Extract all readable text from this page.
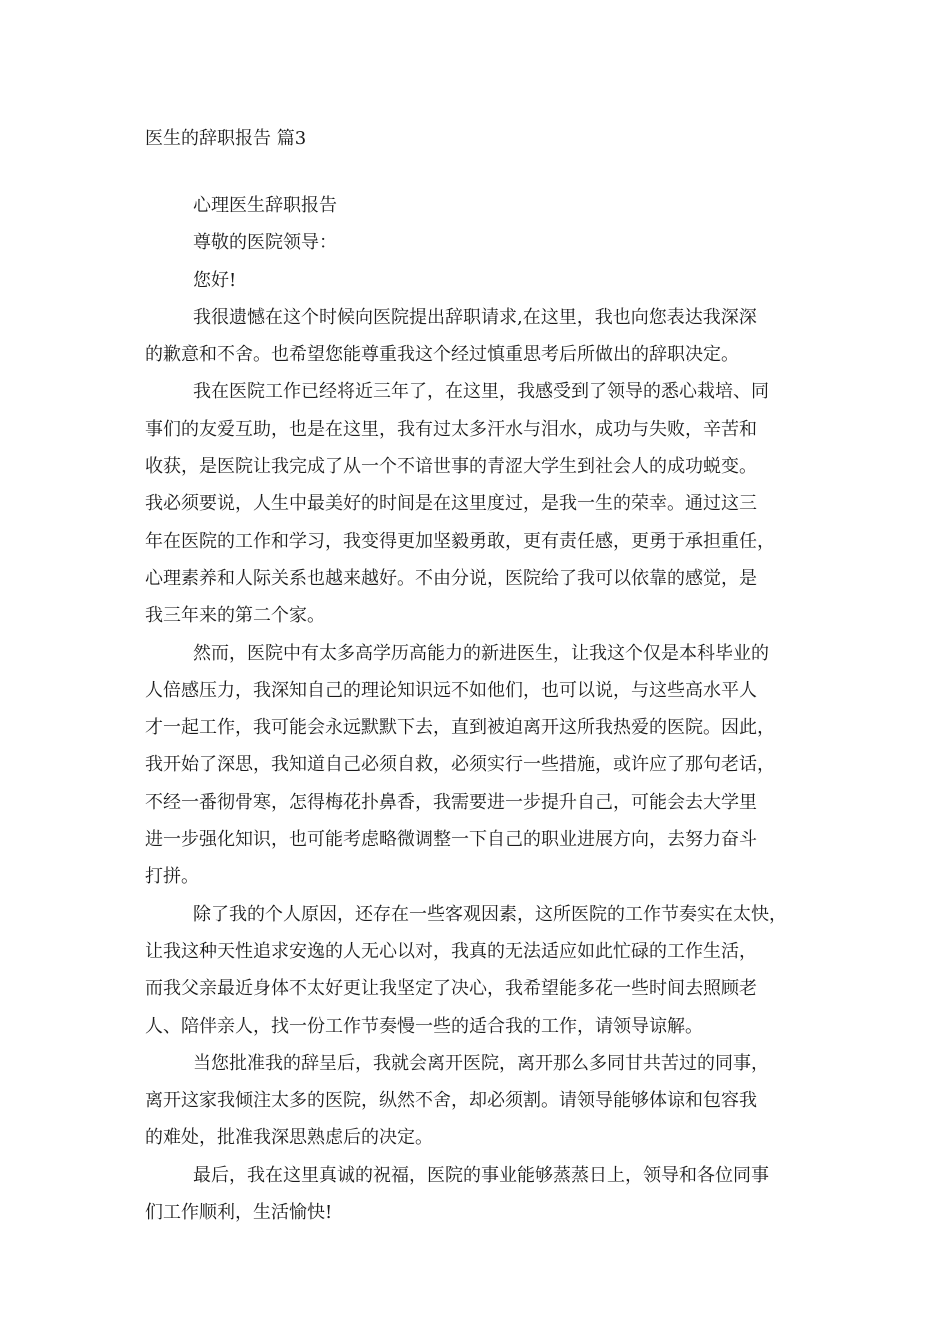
医生的辞职报告 篇3
心理医生辞职报告
尊敬的医院领导：
您好!
我很遗憾在这个时候向医院提出辞职请求,在这里，我也向您表达我深深
的歉意和不舍。也希望您能尊重我这个经过慎重思考后所做出的辞职决定。
我在医院工作已经将近三年了，在这里，我感受到了领导的悉心栽培、同
事们的友爱互助，也是在这里，我有过太多汗水与泪水，成功与失败，辛苦和
收获，是医院让我完成了从一个不谙世事的青涩大学生到社会人的成功蜕变。
我必须要说，人生中最美好的时间是在这里度过，是我一生的荣幸。通过这三
年在医院的工作和学习，我变得更加坚毅勇敢，更有责任感，更勇于承担重任，
心理素养和人际关系也越来越好。不由分说，医院给了我可以依靠的感觉，是
我三年来的第二个家。
然而，医院中有太多高学历高能力的新进医生，让我这个仅是本科毕业的
人倍感压力，我深知自己的理论知识远不如他们，也可以说，与这些高水平人
才一起工作，我可能会永远默默下去，直到被迫离开这所我热爱的医院。因此，
我开始了深思，我知道自己必须自救，必须实行一些措施，或许应了那句老话，
不经一番彻骨寒，怎得梅花扑鼻香，我需要进一步提升自己，可能会去大学里
进一步强化知识，也可能考虑略微调整一下自己的职业进展方向，去努力奋斗
打拼。
除了我的个人原因，还存在一些客观因素，这所医院的工作节奏实在太快，
让我这种天性追求安逸的人无心以对，我真的无法适应如此忙碌的工作生活，
而我父亲最近身体不太好更让我坚定了决心，我希望能多花一些时间去照顾老
人、陪伴亲人，找一份工作节奏慢一些的适合我的工作，请领导谅解。
当您批准我的辞呈后，我就会离开医院，离开那么多同甘共苦过的同事，
离开这家我倾注太多的医院，纵然不舍，却必须割。请领导能够体谅和包容我
的难处，批准我深思熟虑后的决定。
最后，我在这里真诚的祝福，医院的事业能够蒸蒸日上，领导和各位同事
们工作顺利，生活愉快!
